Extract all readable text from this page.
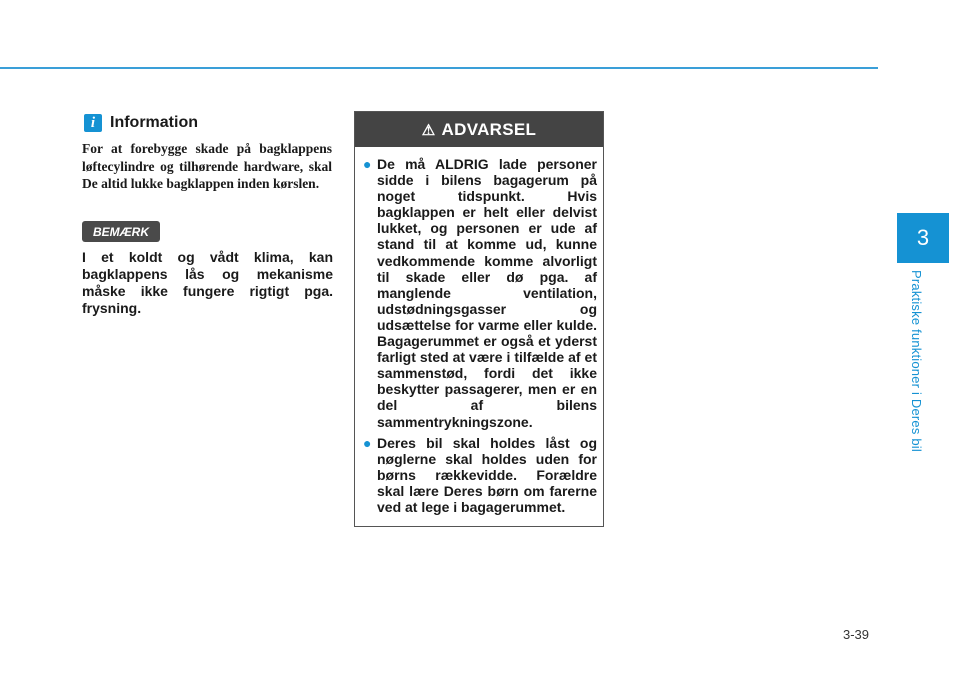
3
Praktiske funktioner i Deres bil
i Information

For at forebygge skade på bagklappens løftecylindre og tilhørende hardware, skal De altid lukke bagklappen inden kørslen.

BEMÆRK

I et koldt og vådt klima, kan bagklappens lås og mekanisme måske ikke fungere rigtigt pga. frysning.

⚠ ADVARSEL
● De må ALDRIG lade personer sidde i bilens bagagerum på noget tidspunkt. Hvis bagklappen er helt eller delvist lukket, og personen er ude af stand til at komme ud, kunne vedkommende komme alvorligt til skade eller dø pga. af manglende ventilation, udstødningsgasser og udsættelse for varme eller kulde. Bagagerummet er også et yderst farligt sted at være i tilfælde af et sammenstød, fordi det ikke beskytter passagerer, men er en del af bilens sammentrykningszone.
● Deres bil skal holdes låst og nøglerne skal holdes uden for børns rækkevidde. Forældre skal lære Deres børn om farerne ved at lege i bagagerummet.
3-39
